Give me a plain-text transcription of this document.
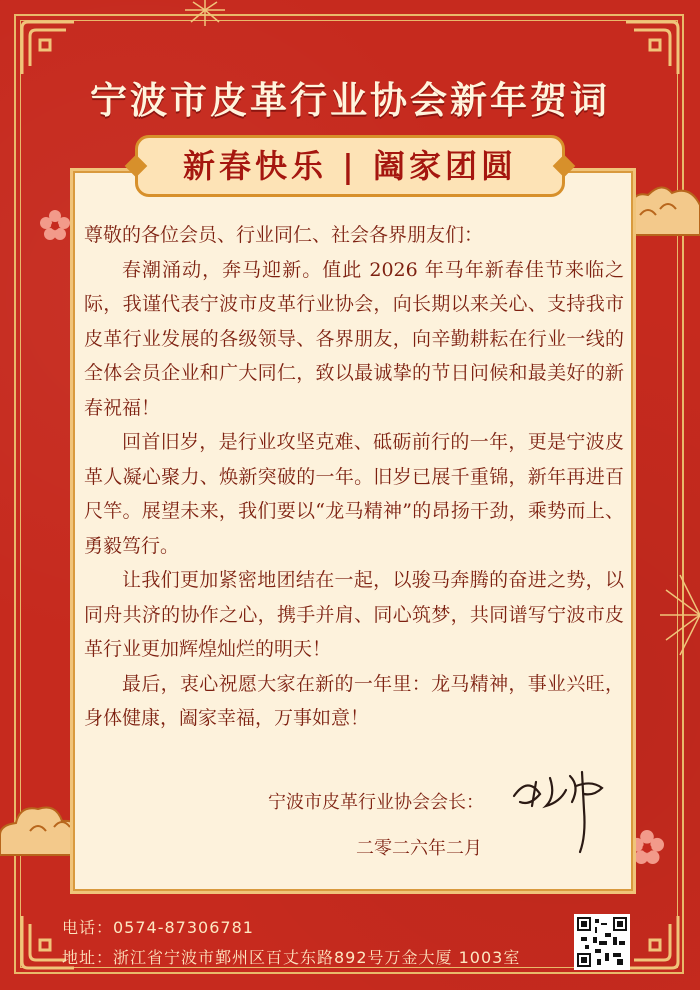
宁波市皮革行业协会新年贺词
新春快乐 | 阖家团圆

尊敬的各位会员、行业同仁、社会各界朋友们：

春潮涌动，奔马迎新。值此 2026 年马年新春佳节来临之际，我谨代表宁波市皮革行业协会，向长期以来关心、支持我市皮革行业发展的各级领导、各界朋友，向辛勤耕耘在行业一线的全体会员企业和广大同仁，致以最诚挚的节日问候和最美好的新春祝福！

回首旧岁，是行业攻坚克难、砥砺前行的一年，更是宁波皮革人凝心聚力、焕新突破的一年。旧岁已展千重锦，新年再进百尺竿。展望未来，我们要以“龙马精神”的昂扬干劲，乘势而上、勇毅笃行。

让我们更加紧密地团结在一起，以骏马奔腾的奋进之势，以同舟共济的协作之心，携手并肩、同心筑梦，共同谱写宁波市皮革行业更加辉煌灿烂的明天！

最后，衷心祝愿大家在新的一年里：龙马精神，事业兴旺，身体健康，阖家幸福，万事如意！

宁波市皮革行业协会会长：
二零二六年二月
电话：0574-87306781
地址：浙江省宁波市鄞州区百丈东路892号万金大厦 1003室
